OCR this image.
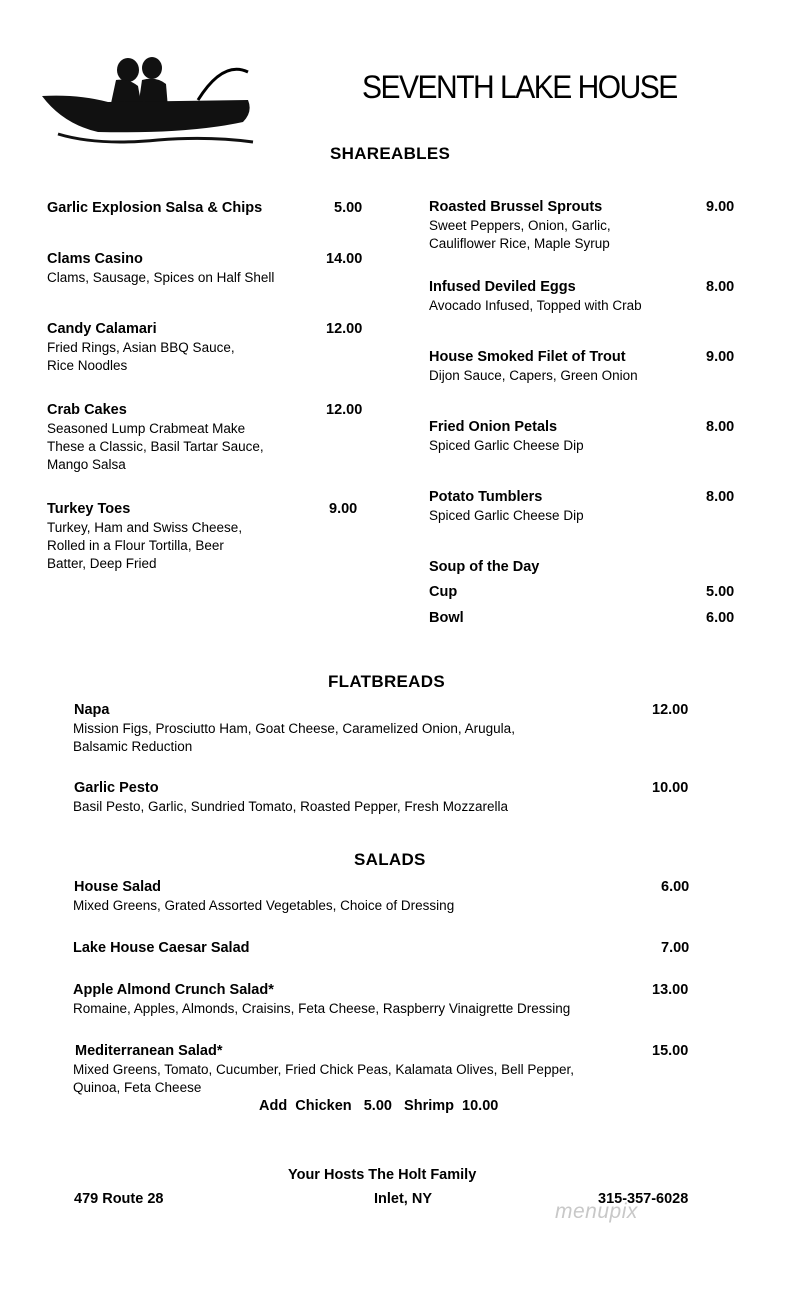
SEVENTH LAKE HOUSE
SHAREABLES
Garlic Explosion Salsa & Chips	5.00
Clams Casino	14.00
Clams, Sausage, Spices on Half Shell
Candy Calamari	12.00
Fried Rings, Asian BBQ Sauce,
Rice Noodles
Crab Cakes	12.00
Seasoned Lump Crabmeat Make
These a Classic, Basil Tartar Sauce,
Mango Salsa
Turkey Toes	9.00
Turkey, Ham and Swiss Cheese,
Rolled in a Flour Tortilla, Beer
Batter, Deep Fried
Roasted Brussel Sprouts	9.00
Sweet Peppers, Onion, Garlic,
Cauliflower Rice, Maple Syrup
Infused Deviled Eggs	8.00
Avocado Infused, Topped with Crab
House Smoked Filet of Trout	9.00
Dijon Sauce, Capers, Green Onion
Fried Onion Petals	8.00
Spiced Garlic Cheese Dip
Potato Tumblers	8.00
Spiced Garlic Cheese Dip
Soup of the Day
Cup	5.00
Bowl	6.00
FLATBREADS
Napa	12.00
Mission Figs, Prosciutto Ham, Goat Cheese, Caramelized Onion, Arugula,
Balsamic Reduction
Garlic Pesto	10.00
Basil Pesto, Garlic, Sundried Tomato, Roasted Pepper, Fresh Mozzarella
SALADS
House Salad	6.00
Mixed Greens, Grated Assorted Vegetables, Choice of Dressing
Lake House Caesar Salad	7.00
Apple Almond Crunch Salad*	13.00
Romaine, Apples, Almonds, Craisins, Feta Cheese, Raspberry Vinaigrette Dressing
Mediterranean Salad*	15.00
Mixed Greens, Tomato, Cucumber, Fried Chick Peas, Kalamata Olives, Bell Pepper,
Quinoa, Feta Cheese
Add  Chicken   5.00   Shrimp  10.00
Your Hosts The Holt Family
479 Route 28	Inlet, NY	315-357-6028
menupix
